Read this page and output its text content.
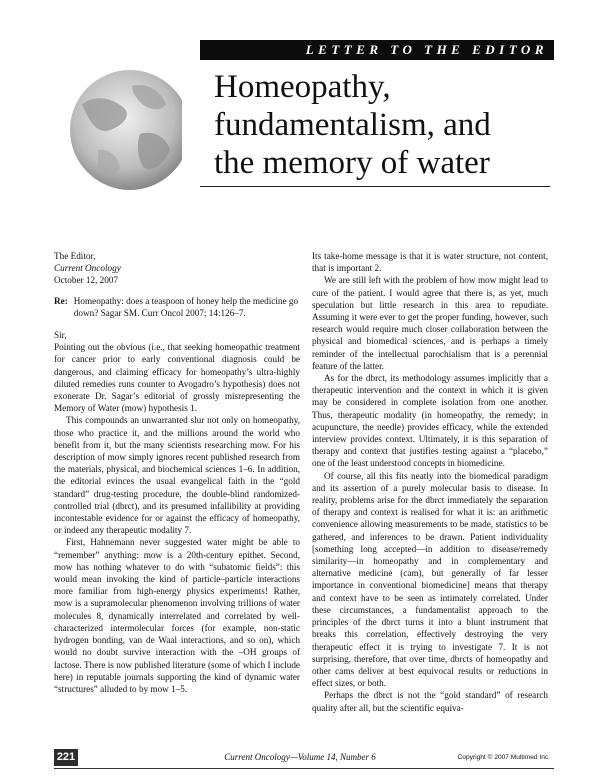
LETTER TO THE EDITOR
Homeopathy,
fundamentalism, and
the memory of water

The Editor,

Current Oncology

October 12, 2007

Re: Homeopathy: does a teaspoon of honey help the medicine go down? Sagar SM. Curr Oncol 2007; 14:126–7.

Sir,

Pointing out the obvious (i.e., that seeking homeopathic treatment for cancer prior to early conventional diagnosis could be dangerous, and claiming efficacy for homeopathy’s ultra-highly diluted remedies runs counter to Avogadro’s hypothesis) does not exonerate Dr. Sagar’s editorial of grossly misrepresenting the Memory of Water (mow) hypothesis 1.

This compounds an unwarranted slur not only on homeopathy, those who practice it, and the millions around the world who benefit from it, but the many scientists researching mow. For his description of mow simply ignores recent published research from the materials, physical, and biochemical sciences 1–6. In addition, the editorial evinces the usual evangelical faith in the “gold standard” drug-testing procedure, the double-blind randomized-controlled trial (dbrct), and its presumed infallibility at providing incontestable evidence for or against the efficacy of homeopathy, or indeed any therapeutic modality 7.

First, Hahnemann never suggested water might be able to “remember” anything: mow is a 20th-century epithet. Second, mow has nothing whatever to do with “subatomic fields”: this would mean invoking the kind of particle–particle interactions more familiar from high-energy physics experiments! Rather, mow is a supramolecular phenomenon involving trillions of water molecules 8, dynamically interrelated and correlated by well-characterized intermolecular forces (for example, non-static hydrogen bonding, van de Waal interactions, and so on), which would no doubt survive interaction with the –OH groups of lactose. There is now published literature (some of which I include here) in reputable journals supporting the kind of dynamic water “structures” alluded to by mow 1–5.

Its take-home message is that it is water structure, not content, that is important 2.

We are still left with the problem of how mow might lead to cure of the patient. I would agree that there is, as yet, much speculation but little research in this area to repudiate. Assuming it were ever to get the proper funding, however, such research would require much closer collaboration between the physical and biomedical sciences, and is perhaps a timely reminder of the intellectual parochialism that is a perennial feature of the latter.

As for the dbrct, its methodology assumes implicitly that a therapeutic intervention and the context in which it is given may be considered in complete isolation from one another. Thus, therapeutic modality (in homeopathy, the remedy; in acupuncture, the needle) provides efficacy, while the extended interview provides context. Ultimately, it is this separation of therapy and context that justifies testing against a “placebo,” one of the least understood concepts in biomedicine.

Of course, all this fits neatly into the biomedical paradigm and its assertion of a purely molecular basis to disease. In reality, problems arise for the dbrct immediately the separation of therapy and context is realised for what it is: an arithmetic convenience allowing measurements to be made, statistics to be gathered, and inferences to be drawn. Patient individuality [something long accepted—in addition to disease/remedy similarity—in homeopathy and in complementary and alternative medicine (cam), but generally of far lesser importance in conventional biomedicine] means that therapy and context have to be seen as intimately correlated. Under these circumstances, a fundamentalist approach to the principles of the dbrct turns it into a blunt instrument that breaks this correlation, effectively destroying the very therapeutic effect it is trying to investigate 7. It is not surprising, therefore, that over time, dbrcts of homeopathy and other cams deliver at best equivocal results or reductions in effect sizes, or both.

Perhaps the dbrct is not the “gold standard” of research quality after all, but the scientific equiva-

221	Current Oncology—Volume 14, Number 6	Copyright © 2007 Multimed Inc.
